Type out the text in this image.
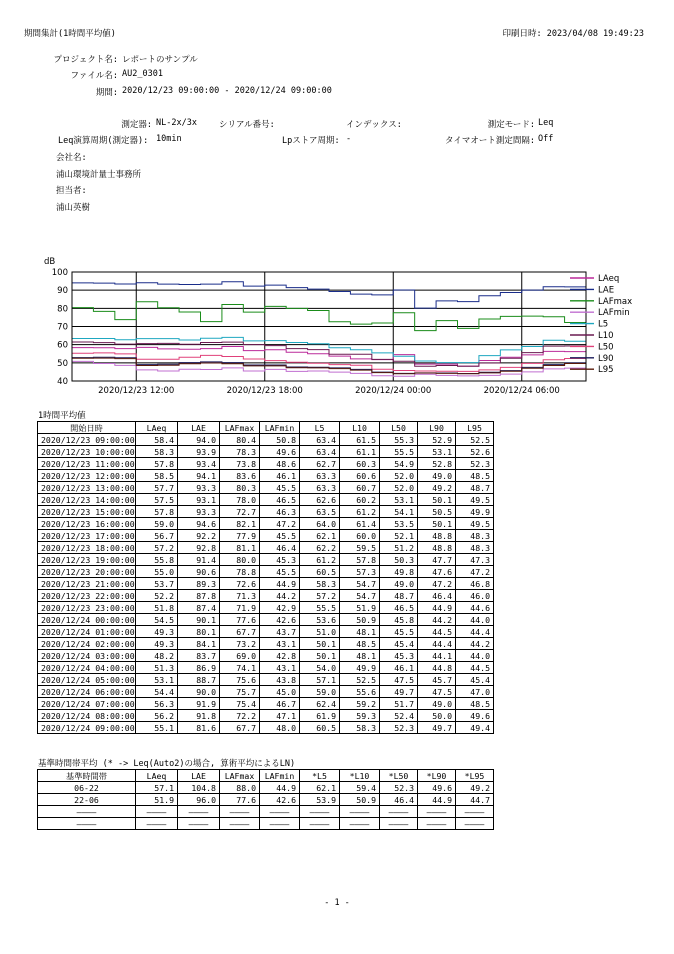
期間集計(1時間平均値)	印刷日時: 2023/04/08 19:49:23
プロジェクト名: レポートのサンプル
ファイル名: AU2_0301
期間: 2020/12/23 09:00:00 - 2020/12/24 09:00:00
測定器: NL-2x/3x	シリアル番号:	インデックス:	測定モード: Leq
Leq演算周期(測定器): 10min	Lpストア周期: -	タイマオート測定間隔: Off
会社名:
浦山環境計量士事務所
担当者:
浦山英樹
dB
40
50
60
70
80
90
100
2020/12/23 12:00	2020/12/23 18:00	2020/12/24 00:00	2020/12/24 06:00
LAeq
LAE
LAFmax
LAFmin
L5
L10
L50
L90
L95
1時間平均値
開始日時	LAeq	LAE	LAFmax	LAFmin	L5	L10	L50	L90	L95
2020/12/23 09:00:00	58.4	94.0	80.4	50.8	63.4	61.5	55.3	52.9	52.5
2020/12/23 10:00:00	58.3	93.9	78.3	49.6	63.4	61.1	55.5	53.1	52.6
2020/12/23 11:00:00	57.8	93.4	73.8	48.6	62.7	60.3	54.9	52.8	52.3
2020/12/23 12:00:00	58.5	94.1	83.6	46.1	63.3	60.6	52.0	49.0	48.5
2020/12/23 13:00:00	57.7	93.3	80.3	45.5	63.3	60.7	52.0	49.2	48.7
2020/12/23 14:00:00	57.5	93.1	78.0	46.5	62.6	60.2	53.1	50.1	49.5
2020/12/23 15:00:00	57.8	93.3	72.7	46.3	63.5	61.2	54.1	50.5	49.9
2020/12/23 16:00:00	59.0	94.6	82.1	47.2	64.0	61.4	53.5	50.1	49.5
2020/12/23 17:00:00	56.7	92.2	77.9	45.5	62.1	60.0	52.1	48.8	48.3
2020/12/23 18:00:00	57.2	92.8	81.1	46.4	62.2	59.5	51.2	48.8	48.3
2020/12/23 19:00:00	55.8	91.4	80.0	45.3	61.2	57.8	50.3	47.7	47.3
2020/12/23 20:00:00	55.0	90.6	78.8	45.5	60.5	57.3	49.8	47.6	47.2
2020/12/23 21:00:00	53.7	89.3	72.6	44.9	58.3	54.7	49.0	47.2	46.8
2020/12/23 22:00:00	52.2	87.8	71.3	44.2	57.2	54.7	48.7	46.4	46.0
2020/12/23 23:00:00	51.8	87.4	71.9	42.9	55.5	51.9	46.5	44.9	44.6
2020/12/24 00:00:00	54.5	90.1	77.6	42.6	53.6	50.9	45.8	44.2	44.0
2020/12/24 01:00:00	49.3	80.1	67.7	43.7	51.0	48.1	45.5	44.5	44.4
2020/12/24 02:00:00	49.3	84.1	73.2	43.1	50.1	48.5	45.4	44.4	44.2
2020/12/24 03:00:00	48.2	83.7	69.0	42.8	50.1	48.1	45.3	44.1	44.0
2020/12/24 04:00:00	51.3	86.9	74.1	43.1	54.0	49.9	46.1	44.8	44.5
2020/12/24 05:00:00	53.1	88.7	75.6	43.8	57.1	52.5	47.5	45.7	45.4
2020/12/24 06:00:00	54.4	90.0	75.7	45.0	59.0	55.6	49.7	47.5	47.0
2020/12/24 07:00:00	56.3	91.9	75.4	46.7	62.4	59.2	51.7	49.0	48.5
2020/12/24 08:00:00	56.2	91.8	72.2	47.1	61.9	59.3	52.4	50.0	49.6
2020/12/24 09:00:00	55.1	81.6	67.7	48.0	60.5	58.3	52.3	49.7	49.4
基準時間帯平均 (* -> Leq(Auto2)の場合, 算術平均によるLN)
基準時間帯	LAeq	LAE	LAFmax	LAFmin	*L5	*L10	*L50	*L90	*L95
06-22	57.1	104.8	88.0	44.9	62.1	59.4	52.3	49.6	49.2
22-06	51.9	96.0	77.6	42.6	53.9	50.9	46.4	44.9	44.7
――――	――――	――――	――――	――――	――――	――――	――――	――――	――――
――――	――――	――――	――――	――――	――――	――――	――――	――――	――――
- 1 -
